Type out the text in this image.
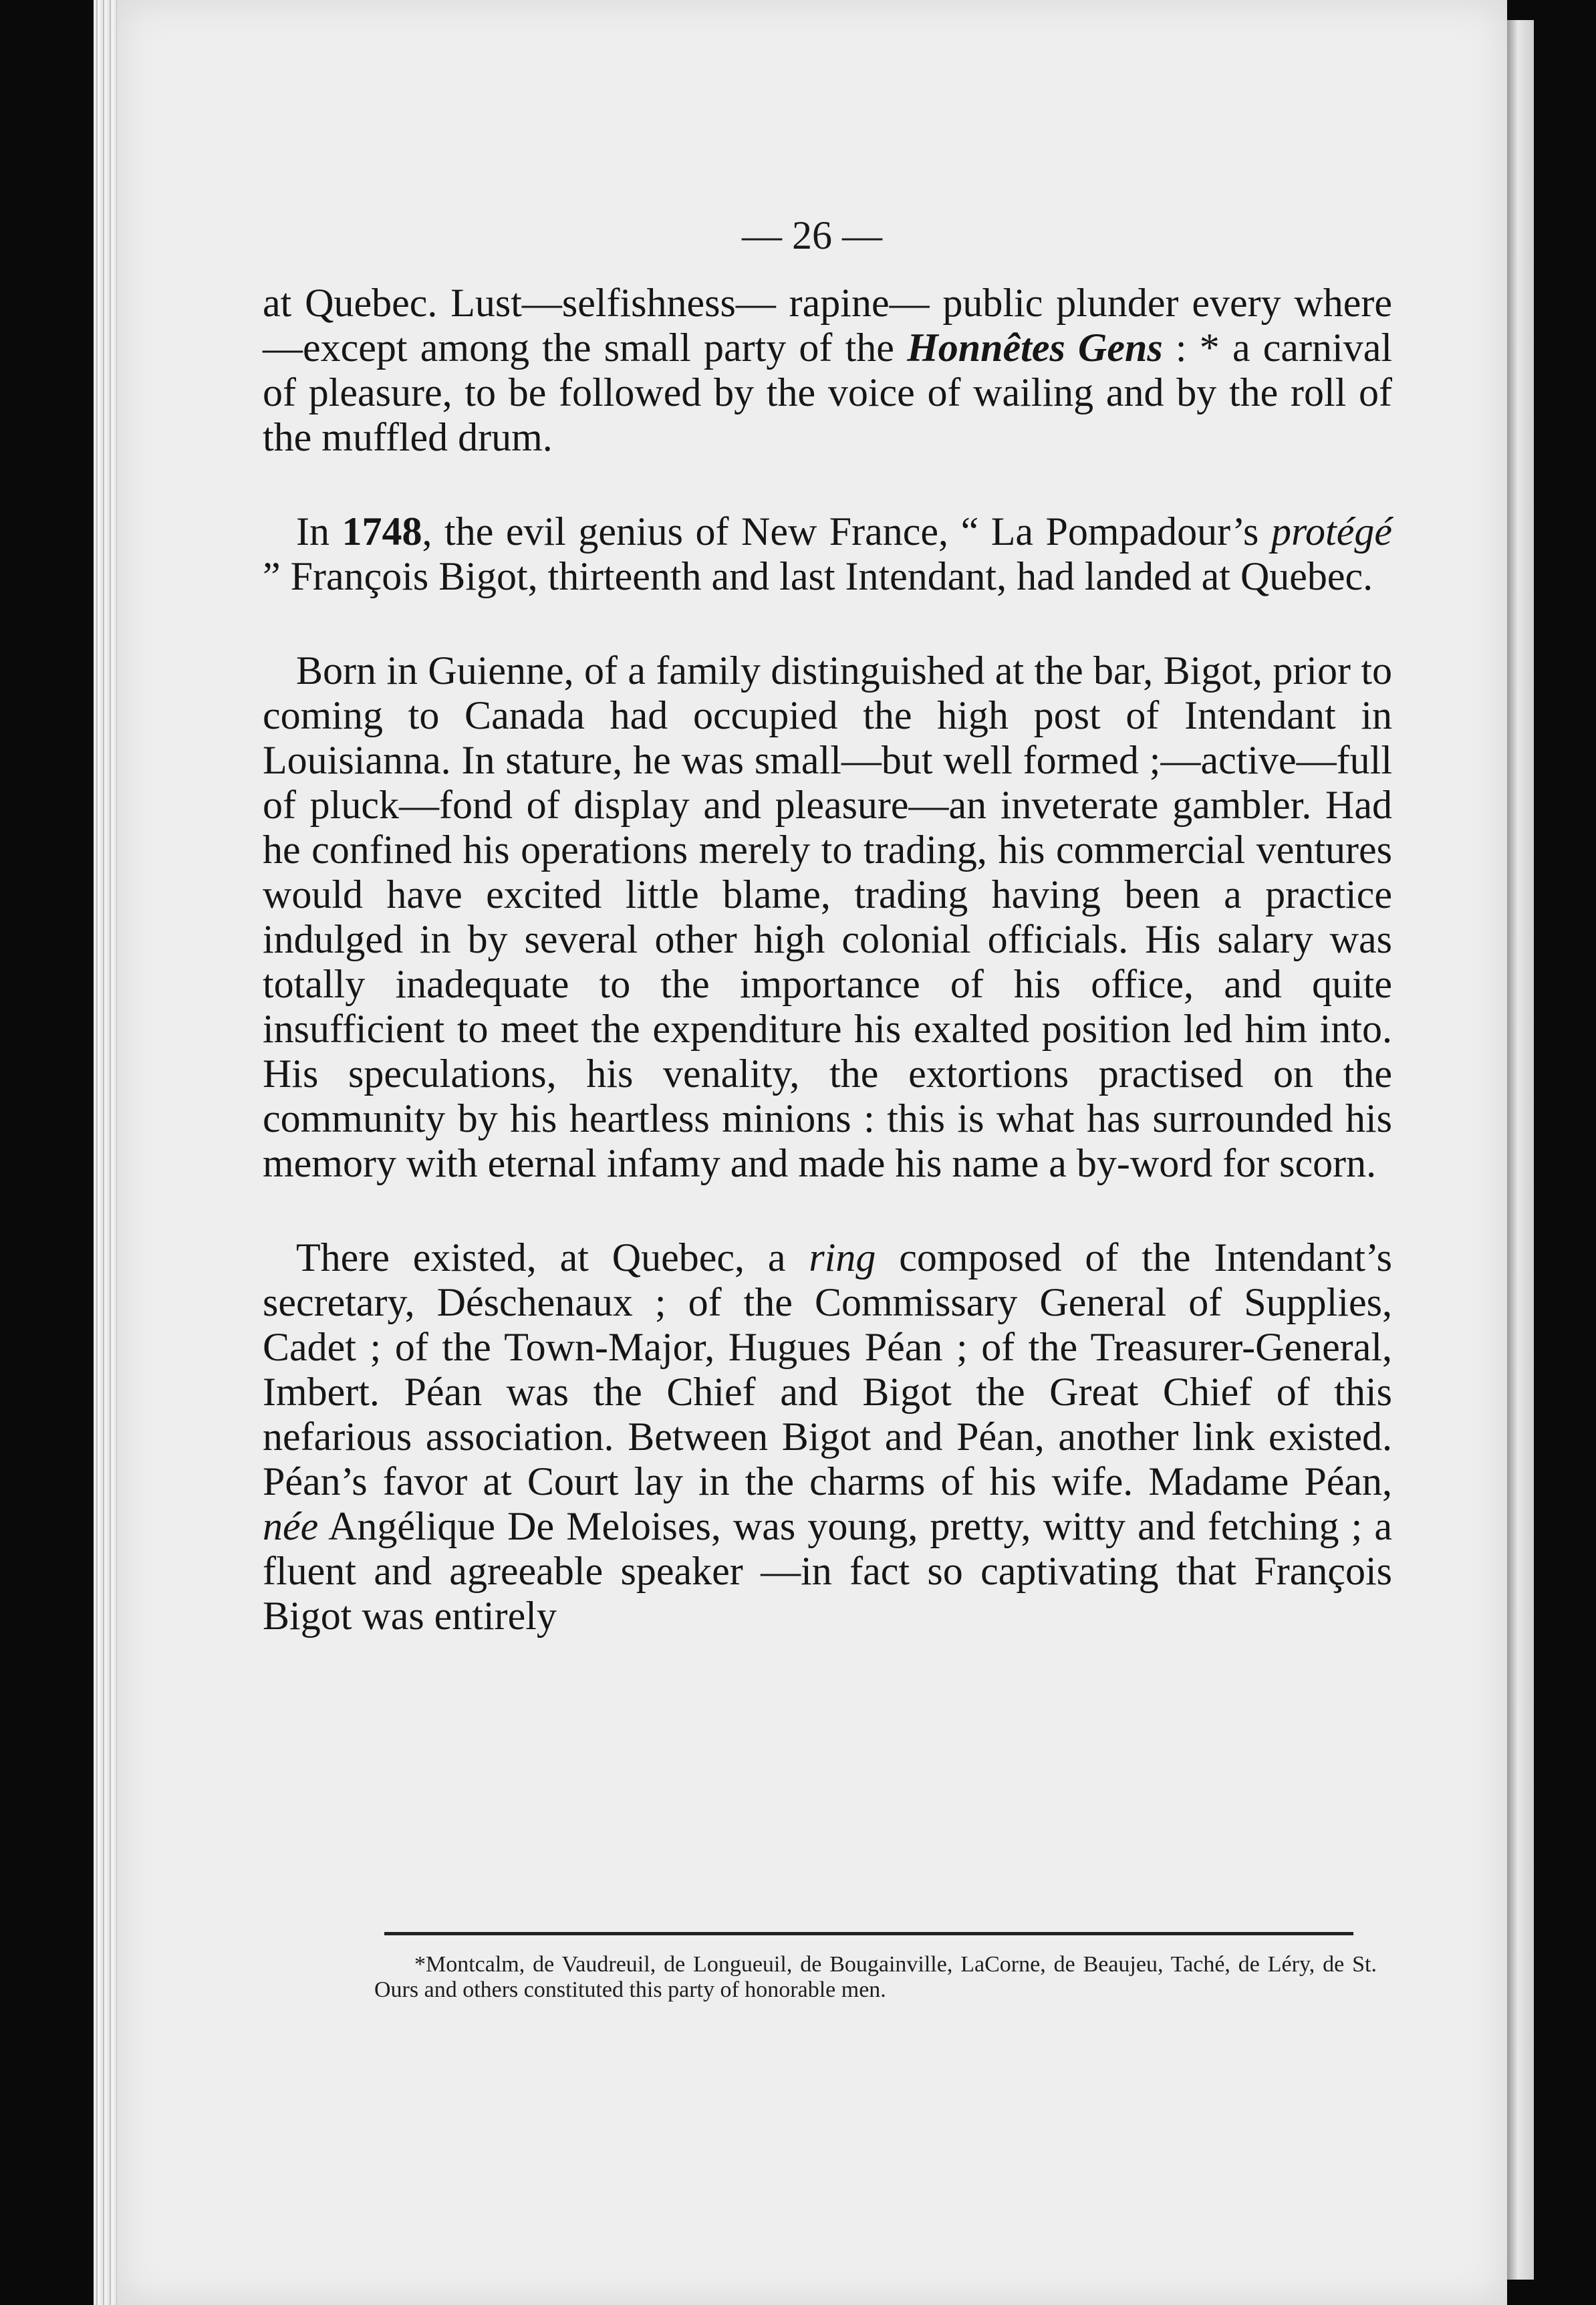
— 26 —

at Quebec. Lust—selfishness— rapine— public plunder every where—except among the small party of the Honnêtes Gens : * a carnival of pleasure, to be followed by the voice of wailing and by the roll of the muffled drum.

In 1748, the evil genius of New France, “ La Pompadour’s protégé ” François Bigot, thirteenth and last Intendant, had landed at Quebec.

Born in Guienne, of a family distinguished at the bar, Bigot, prior to coming to Canada had occupied the high post of Intendant in Louisianna. In stature, he was small—but well formed ;—active—full of pluck—fond of display and pleasure—an inveterate gambler. Had he confined his operations merely to trading, his commercial ventures would have excited little blame, trading having been a practice indulged in by several other high colonial officials. His salary was totally inadequate to the importance of his office, and quite insufficient to meet the expenditure his exalted position led him into. His speculations, his venality, the extortions practised on the community by his heartless minions : this is what has surrounded his memory with eternal infamy and made his name a by-word for scorn.

There existed, at Quebec, a ring composed of the Intendant’s secretary, Déschenaux ; of the Commissary General of Supplies, Cadet ; of the Town-Major, Hugues Péan ; of the Treasurer-General, Imbert. Péan was the Chief and Bigot the Great Chief of this nefarious association. Between Bigot and Péan, another link existed. Péan’s favor at Court lay in the charms of his wife. Madame Péan, née Angélique De Meloises, was young, pretty, witty and fetching ; a fluent and agreeable speaker —in fact so captivating that François Bigot was entirely

*Montcalm, de Vaudreuil, de Longueuil, de Bougainville, LaCorne, de Beaujeu, Taché, de Léry, de St. Ours and others constituted this party of honorable men.
